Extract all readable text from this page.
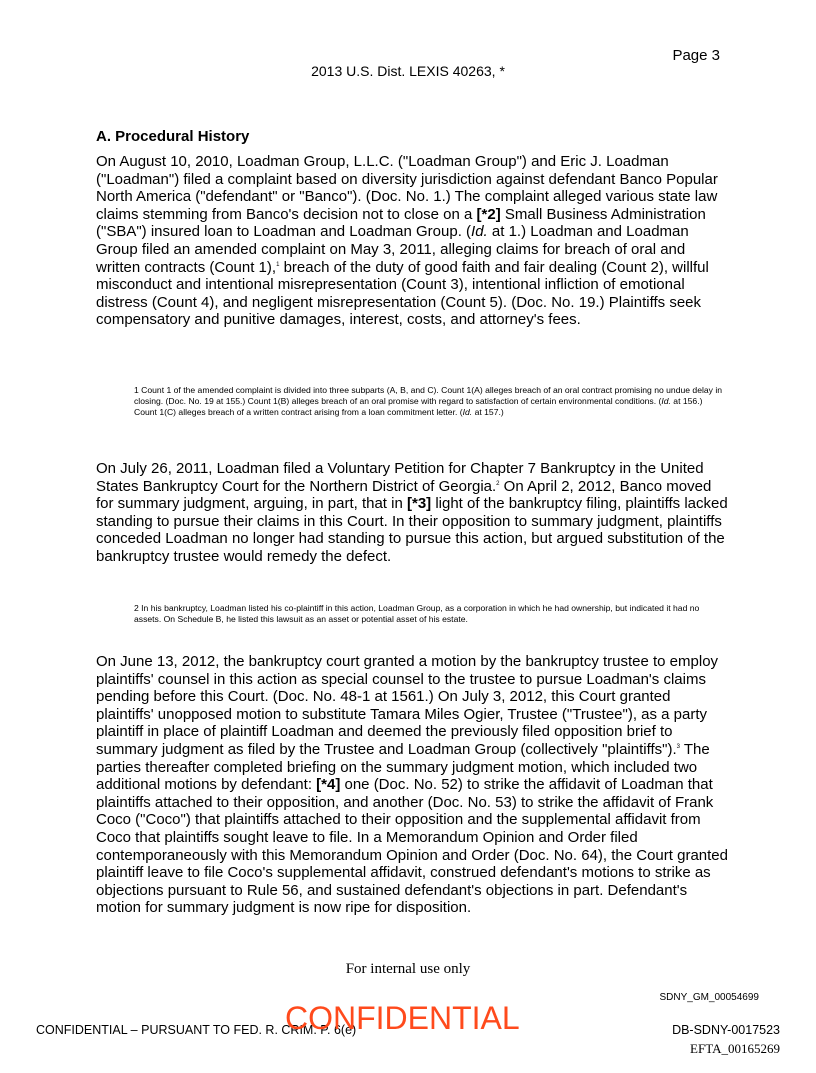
Page 3
2013 U.S. Dist. LEXIS 40263, *
A. Procedural History
On August 10, 2010, Loadman Group, L.L.C. ("Loadman Group") and Eric J. Loadman ("Loadman") filed a complaint based on diversity jurisdiction against defendant Banco Popular North America ("defendant" or "Banco"). (Doc. No. 1.) The complaint alleged various state law claims stemming from Banco's decision not to close on a [*2] Small Business Administration ("SBA") insured loan to Loadman and Loadman Group. (Id. at 1.) Loadman and Loadman Group filed an amended complaint on May 3, 2011, alleging claims for breach of oral and written contracts (Count 1),$^1$ breach of the duty of good faith and fair dealing (Count 2), willful misconduct and intentional misrepresentation (Count 3), intentional infliction of emotional distress (Count 4), and negligent misrepresentation (Count 5). (Doc. No. 19.) Plaintiffs seek compensatory and punitive damages, interest, costs, and attorney's fees.
1 Count 1 of the amended complaint is divided into three subparts (A, B, and C). Count 1(A) alleges breach of an oral contract promising no undue delay in closing. (Doc. No. 19 at 155.) Count 1(B) alleges breach of an oral promise with regard to satisfaction of certain environmental conditions. (Id. at 156.) Count 1(C) alleges breach of a written contract arising from a loan commitment letter. (Id. at 157.)
On July 26, 2011, Loadman filed a Voluntary Petition for Chapter 7 Bankruptcy in the United States Bankruptcy Court for the Northern District of Georgia.$^2$ On April 2, 2012, Banco moved for summary judgment, arguing, in part, that in [*3] light of the bankruptcy filing, plaintiffs lacked standing to pursue their claims in this Court. In their opposition to summary judgment, plaintiffs conceded Loadman no longer had standing to pursue this action, but argued substitution of the bankruptcy trustee would remedy the defect.
2 In his bankruptcy, Loadman listed his co-plaintiff in this action, Loadman Group, as a corporation in which he had ownership, but indicated it had no assets. On Schedule B, he listed this lawsuit as an asset or potential asset of his estate.
On June 13, 2012, the bankruptcy court granted a motion by the bankruptcy trustee to employ plaintiffs' counsel in this action as special counsel to the trustee to pursue Loadman's claims pending before this Court. (Doc. No. 48-1 at 1561.) On July 3, 2012, this Court granted plaintiffs' unopposed motion to substitute Tamara Miles Ogier, Trustee ("Trustee"), as a party plaintiff in place of plaintiff Loadman and deemed the previously filed opposition brief to summary judgment as filed by the Trustee and Loadman Group (collectively "plaintiffs").$^3$ The parties thereafter completed briefing on the summary judgment motion, which included two additional motions by defendant: [*4] one (Doc. No. 52) to strike the affidavit of Loadman that plaintiffs attached to their opposition, and another (Doc. No. 53) to strike the affidavit of Frank Coco ("Coco") that plaintiffs attached to their opposition and the supplemental affidavit from Coco that plaintiffs sought leave to file. In a Memorandum Opinion and Order filed contemporaneously with this Memorandum Opinion and Order (Doc. No. 64), the Court granted plaintiff leave to file Coco's supplemental affidavit, construed defendant's motions to strike as objections pursuant to Rule 56, and sustained defendant's objections in part. Defendant's motion for summary judgment is now ripe for disposition.
For internal use only
SDNY_GM_00054699
CONFIDENTIAL – PURSUANT TO FED. R. CRIM. P. 6(e)
CONFIDENTIAL	DB-SDNY-0017523
EFTA_00165269
